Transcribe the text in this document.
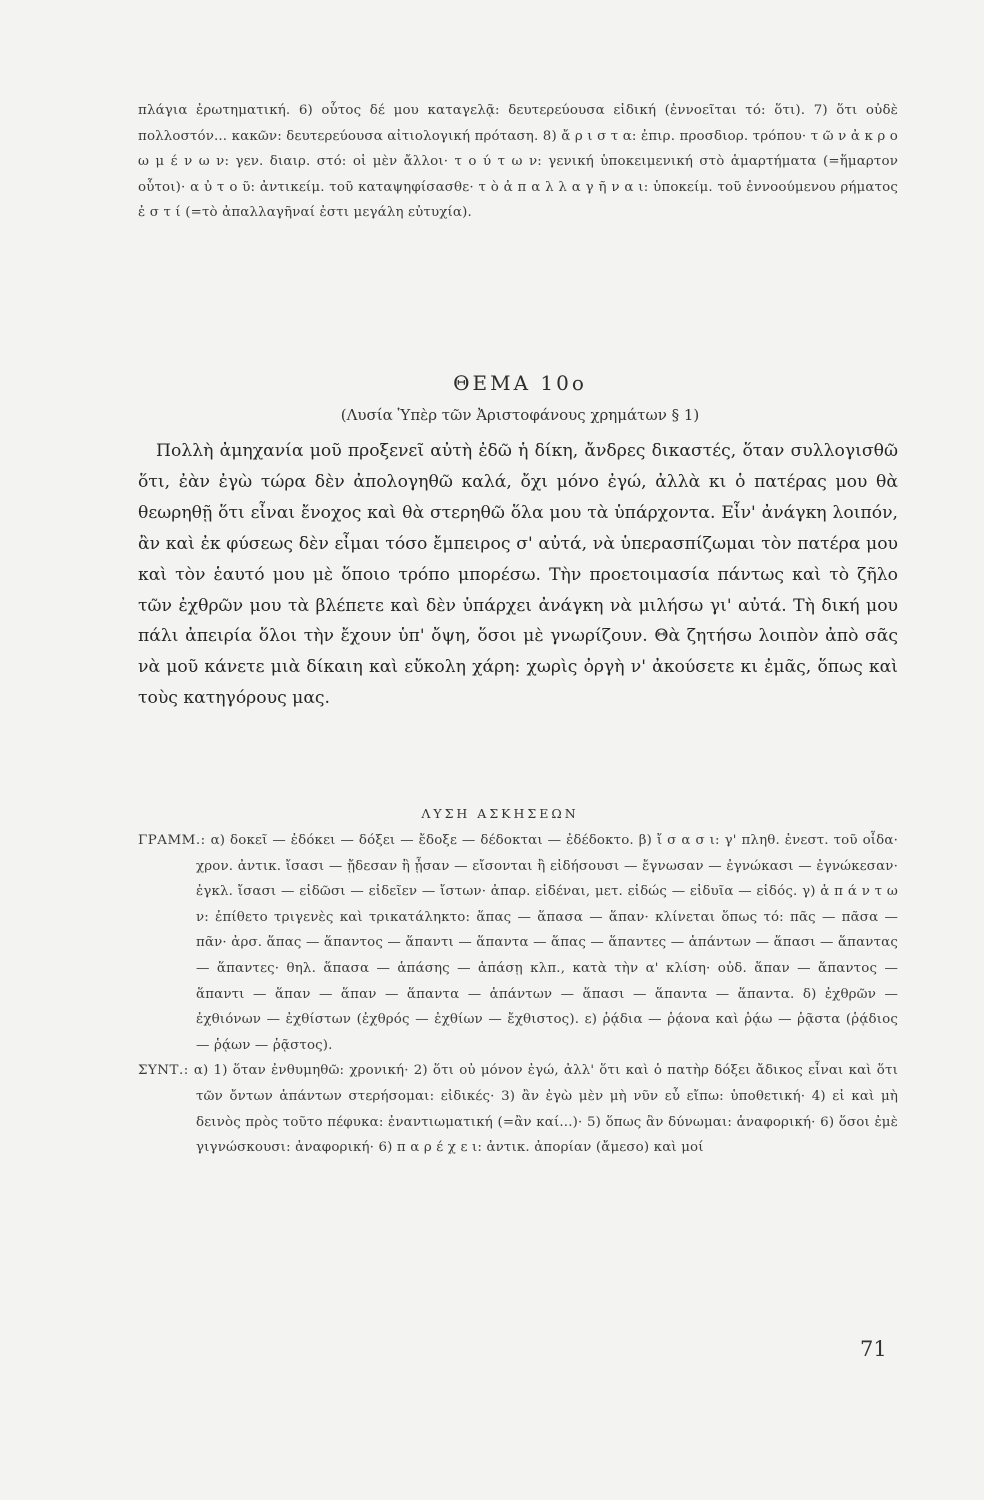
πλάγια ἐρωτηματική. 6) οὗτος δέ μου καταγελᾷ: δευτερεύουσα εἰδική (ἐννοεῖται τό: ὅτι). 7) ὅτι οὐδὲ πολλοστόν... κακῶν: δευτερεύουσα αἰτιολογική πρόταση. 8) ἄ ρ ι σ τ α: ἐπιρ. προσδιορ. τρόπου· τ ῶ ν ἀ κ ρ ο ω μ έ ν ω ν: γεν. διαιρ. στό: οἱ μὲν ἄλλοι· τ ο ύ τ ω ν: γενική ὑποκειμενική στὸ ἁμαρτήματα (=ἥμαρτον οὗτοι)· α ὐ τ ο ῦ: ἀντικείμ. τοῦ καταψηφίσασθε· τ ὸ ἀ π α λ λ α γ ῆ ν α ι: ὑποκείμ. τοῦ ἐννοούμενου ρήματος ἐ σ τ ί (=τὸ ἀπαλλαγῆναί ἐστι μεγάλη εὐτυχία).

ΘΕΜΑ 10ο
(Λυσία Ὑπὲρ τῶν Ἀριστοφάνους χρημάτων § 1)

Πολλὴ ἀμηχανία μοῦ προξενεῖ αὐτὴ ἐδῶ ἡ δίκη, ἄνδρες δικαστές, ὅταν συλλογισθῶ ὅτι, ἐὰν ἐγὼ τώρα δὲν ἀπολογηθῶ καλά, ὄχι μόνο ἐγώ, ἀλλὰ κι ὁ πατέρας μου θὰ θεωρηθῇ ὅτι εἶναι ἔνοχος καὶ θὰ στερηθῶ ὅλα μου τὰ ὑπάρχοντα. Εἶν' ἀνάγκη λοιπόν, ἂν καὶ ἐκ φύσεως δὲν εἶμαι τόσο ἔμπειρος σ' αὐτά, νὰ ὑπερασπίζωμαι τὸν πατέρα μου καὶ τὸν ἑαυτό μου μὲ ὅποιο τρόπο μπορέσω. Τὴν προετοιμασία πάντως καὶ τὸ ζῆλο τῶν ἐχθρῶν μου τὰ βλέπετε καὶ δὲν ὑπάρχει ἀνάγκη νὰ μιλήσω γι' αὐτά. Τὴ δική μου πάλι ἀπειρία ὅλοι τὴν ἔχουν ὑπ' ὄψη, ὅσοι μὲ γνωρίζουν. Θὰ ζητήσω λοιπὸν ἀπὸ σᾶς νὰ μοῦ κάνετε μιὰ δίκαιη καὶ εὔκολη χάρη: χωρὶς ὀργὴ ν' ἀκούσετε κι ἐμᾶς, ὅπως καὶ τοὺς κατηγόρους μας.

ΛΥΣΗ ΑΣΚΗΣΕΩΝ

ΓΡΑΜΜ.: α) δοκεῖ — ἐδόκει — δόξει — ἔδοξε — δέδοκται — ἐδέδοκτο. β) ἴ σ α σ ι: γ' πληθ. ἐνεστ. τοῦ οἶδα· χρον. ἀντικ. ἴσασι — ᾔδεσαν ἢ ᾖσαν — εἴσονται ἢ εἰδήσουσι — ἔγνωσαν — ἐγνώκασι — ἐγνώκεσαν· ἐγκλ. ἴσασι — εἰδῶσι — εἰδεῖεν — ἴστων· ἀπαρ. εἰδέναι, μετ. εἰδώς — εἰδυῖα — εἰδός. γ) ἁ π ά ν τ ω ν: ἐπίθετο τριγενὲς καὶ τρικατάληκτο: ἅπας — ἅπασα — ἅπαν· κλίνεται ὅπως τό: πᾶς — πᾶσα — πᾶν· ἀρσ. ἅπας — ἅπαντος — ἅπαντι — ἅπαντα — ἅπας — ἅπαντες — ἁπάντων — ἅπασι — ἅπαντας — ἅπαντες· θηλ. ἅπασα — ἁπάσης — ἁπάσῃ κλπ., κατὰ τὴν α' κλίση· οὐδ. ἅπαν — ἅπαντος — ἅπαντι — ἅπαν — ἅπαν — ἅπαντα — ἁπάντων — ἅπασι — ἅπαντα — ἅπαντα. δ) ἐχθρῶν — ἐχθιόνων — ἐχθίστων (ἐχθρός — ἐχθίων — ἔχθιστος). ε) ῥᾴδια — ῥᾴονα καὶ ῥᾴω — ῥᾷστα (ῥᾴδιος — ῥᾴων — ῥᾷστος).

ΣΥΝΤ.: α) 1) ὅταν ἐνθυμηθῶ: χρονική· 2) ὅτι οὐ μόνον ἐγώ, ἀλλ' ὅτι καὶ ὁ πατὴρ δόξει ἄδικος εἶναι καὶ ὅτι τῶν ὄντων ἁπάντων στερήσομαι: εἰδικές· 3) ἂν ἐγὼ μὲν μὴ νῦν εὖ εἴπω: ὑποθετική· 4) εἰ καὶ μὴ δεινὸς πρὸς τοῦτο πέφυκα: ἐναντιωματική (=ἂν καί...)· 5) ὅπως ἂν δύνωμαι: ἀναφορική· 6) ὅσοι ἐμὲ γιγνώσκουσι: ἀναφορική· 6) π α ρ έ χ ε ι: ἀντικ. ἀπορίαν (ἄμεσο) καὶ μοί

71
